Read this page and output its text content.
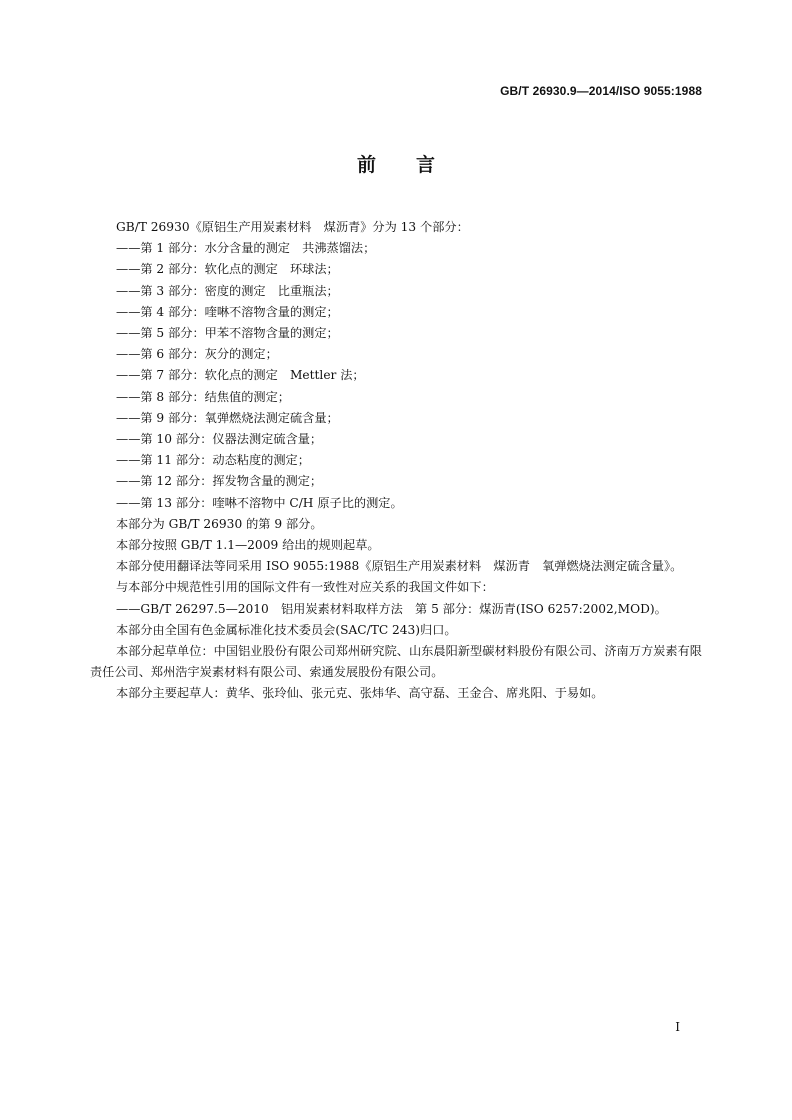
GB/T 26930.9—2014/ISO 9055:1988
前言

GB/T 26930《原铝生产用炭素材料　煤沥青》分为 13 个部分：

——第 1 部分：水分含量的测定　共沸蒸馏法；

——第 2 部分：软化点的测定　环球法；

——第 3 部分：密度的测定　比重瓶法；

——第 4 部分：喹啉不溶物含量的测定；

——第 5 部分：甲苯不溶物含量的测定；

——第 6 部分：灰分的测定；

——第 7 部分：软化点的测定　Mettler 法；

——第 8 部分：结焦值的测定；

——第 9 部分：氧弹燃烧法测定硫含量；

——第 10 部分：仪器法测定硫含量；

——第 11 部分：动态粘度的测定；

——第 12 部分：挥发物含量的测定；

——第 13 部分：喹啉不溶物中 C/H 原子比的测定。

本部分为 GB/T 26930 的第 9 部分。

本部分按照 GB/T 1.1—2009 给出的规则起草。

本部分使用翻译法等同采用 ISO 9055:1988《原铝生产用炭素材料　煤沥青　氧弹燃烧法测定硫含量》。

与本部分中规范性引用的国际文件有一致性对应关系的我国文件如下：

——GB/T 26297.5—2010　铝用炭素材料取样方法　第 5 部分：煤沥青(ISO 6257:2002,MOD)。

本部分由全国有色金属标准化技术委员会(SAC/TC 243)归口。

本部分起草单位：中国铝业股份有限公司郑州研究院、山东晨阳新型碳材料股份有限公司、济南万方炭素有限责任公司、郑州浩宇炭素材料有限公司、索通发展股份有限公司。

本部分主要起草人：黄华、张玲仙、张元克、张炜华、高守磊、王金合、席兆阳、于易如。

I
